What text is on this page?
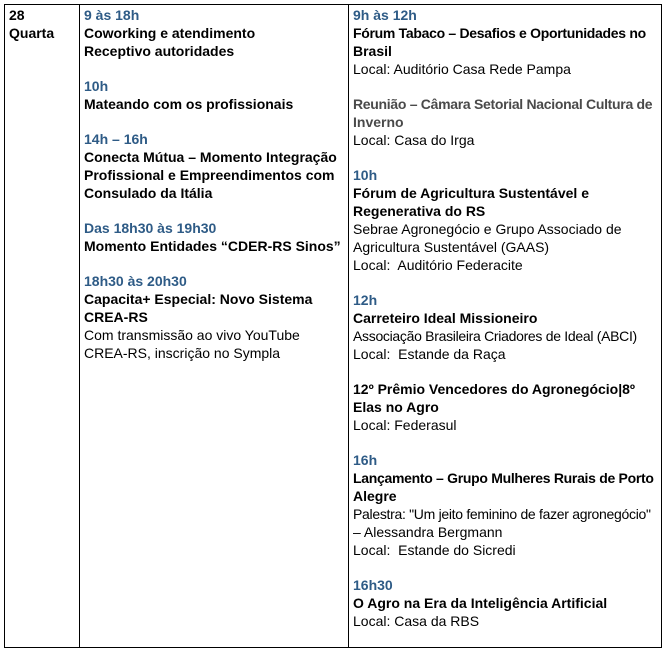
28
Quarta

9 às 18h
Coworking e atendimento
Receptivo autoridades
10h
Mateando com os profissionais
14h – 16h
Conecta Mútua – Momento Integração
Profissional e Empreendimentos com
Consulado da Itália
Das 18h30 às 19h30
Momento Entidades “CDER-RS Sinos”
18h30 às 20h30
Capacita+ Especial: Novo Sistema
CREA-RS
Com transmissão ao vivo YouTube
CREA-RS, inscrição no Sympla

9h às 12h
Fórum Tabaco – Desafios e Oportunidades no
Brasil
Local: Auditório Casa Rede Pampa
Reunião – Câmara Setorial Nacional Cultura de
Inverno
Local: Casa do Irga
10h
Fórum de Agricultura Sustentável e
Regenerativa do RS
Sebrae Agronegócio e Grupo Associado de
Agricultura Sustentável (GAAS)
Local:  Auditório Federacite
12h
Carreteiro Ideal Missioneiro
Associação Brasileira Criadores de Ideal (ABCI)
Local:  Estande da Raça
12º Prêmio Vencedores do Agronegócio|8º
Elas no Agro
Local: Federasul
16h
Lançamento – Grupo Mulheres Rurais de Porto
Alegre
Palestra: "Um jeito feminino de fazer agronegócio"
– Alessandra Bergmann
Local:  Estande do Sicredi
16h30
O Agro na Era da Inteligência Artificial
Local: Casa da RBS
